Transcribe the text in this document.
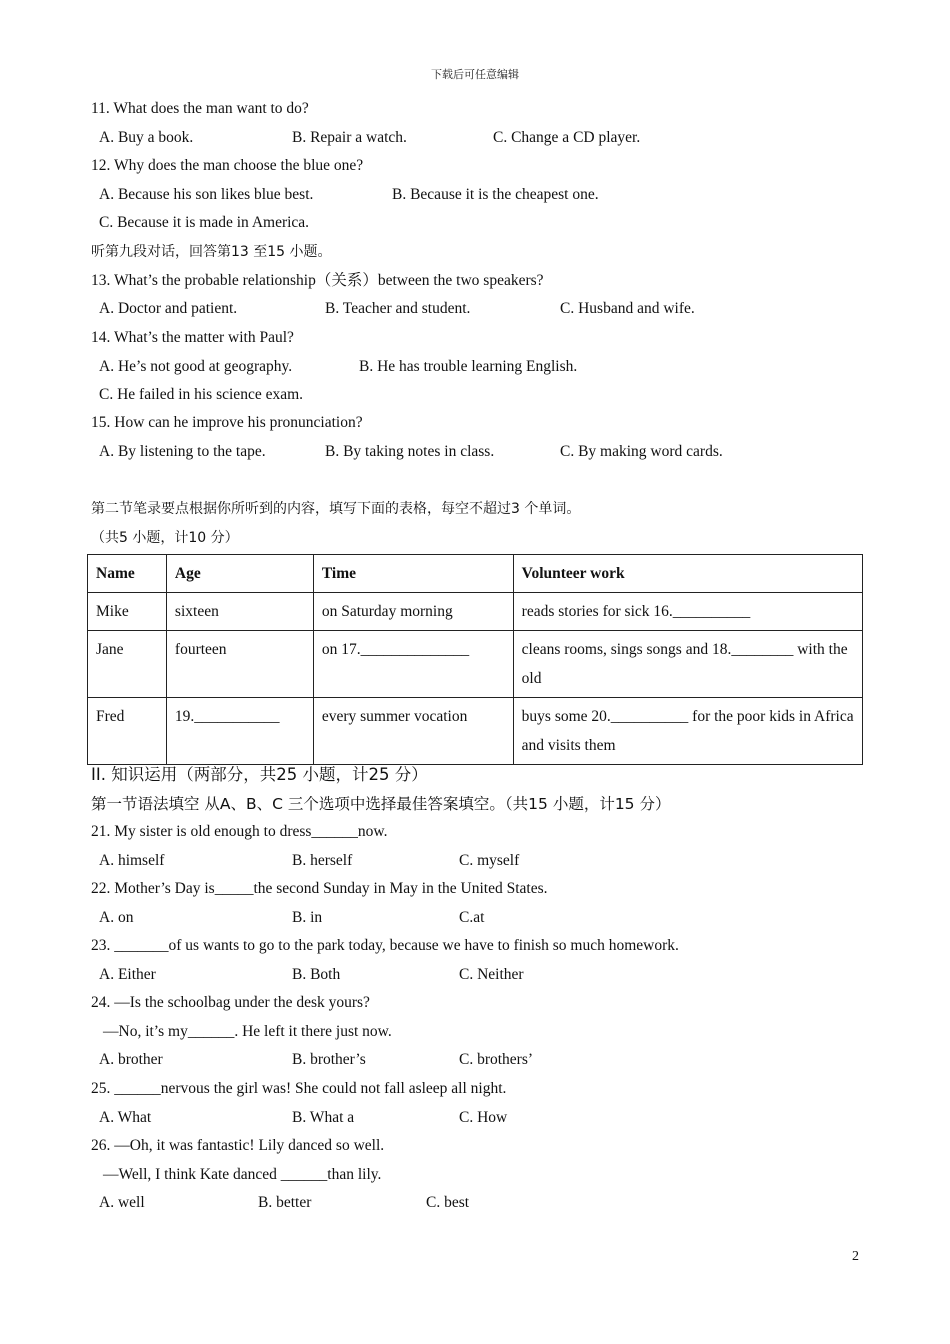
下载后可任意编辑
11. What does the man want to do?
A. Buy a book.	B. Repair a watch.	C. Change a CD player.
12. Why does the man choose the blue one?
A. Because his son likes blue best.	B. Because it is the cheapest one.
C. Because it is made in America.
听第九段对话，回答第13 至15 小题。
13. What’s the probable relationship（关系）between the two speakers?
A. Doctor and patient.	B. Teacher and student.	C. Husband and wife.
14. What’s the matter with Paul?
A. He’s not good at geography.	B. He has trouble learning English.
C. He failed in his science exam.
15. How can he improve his pronunciation?
A. By listening to the tape.	B. By taking notes in class.	C. By making word cards.
第二节笔录要点根据你所听到的内容，填写下面的表格，每空不超过3 个单词。
（共5 小题，计10 分）
Name	Age	Time	Volunteer work
Mike	sixteen	on Saturday morning	reads stories for sick 16.__________
Jane	fourteen	on 17.______________	cleans rooms, sings songs and 18.________ with the old
Fred	19.___________	every summer vocation	buys some 20.__________ for the poor kids in Africa and visits them
II. 知识运用（两部分，共25 小题，计25 分）
第一节语法填空 从A、B、C 三个选项中选择最佳答案填空。（共15 小题，计15 分）
21. My sister is old enough to dress______now.
A. himself	B. herself	C. myself
22. Mother’s Day is_____the second Sunday in May in the United States.
A. on	B. in	C.at
23. _______of us wants to go to the park today, because we have to finish so much homework.
A. Either	B. Both	C. Neither
24. —Is the schoolbag under the desk yours?
—No, it’s my______. He left it there just now.
A. brother	B. brother’s	C. brothers’
25. ______nervous the girl was! She could not fall asleep all night.
A. What	B. What a	C. How
26. —Oh, it was fantastic! Lily danced so well.
—Well, I think Kate danced ______than lily.
A. well	B. better	C. best
2
